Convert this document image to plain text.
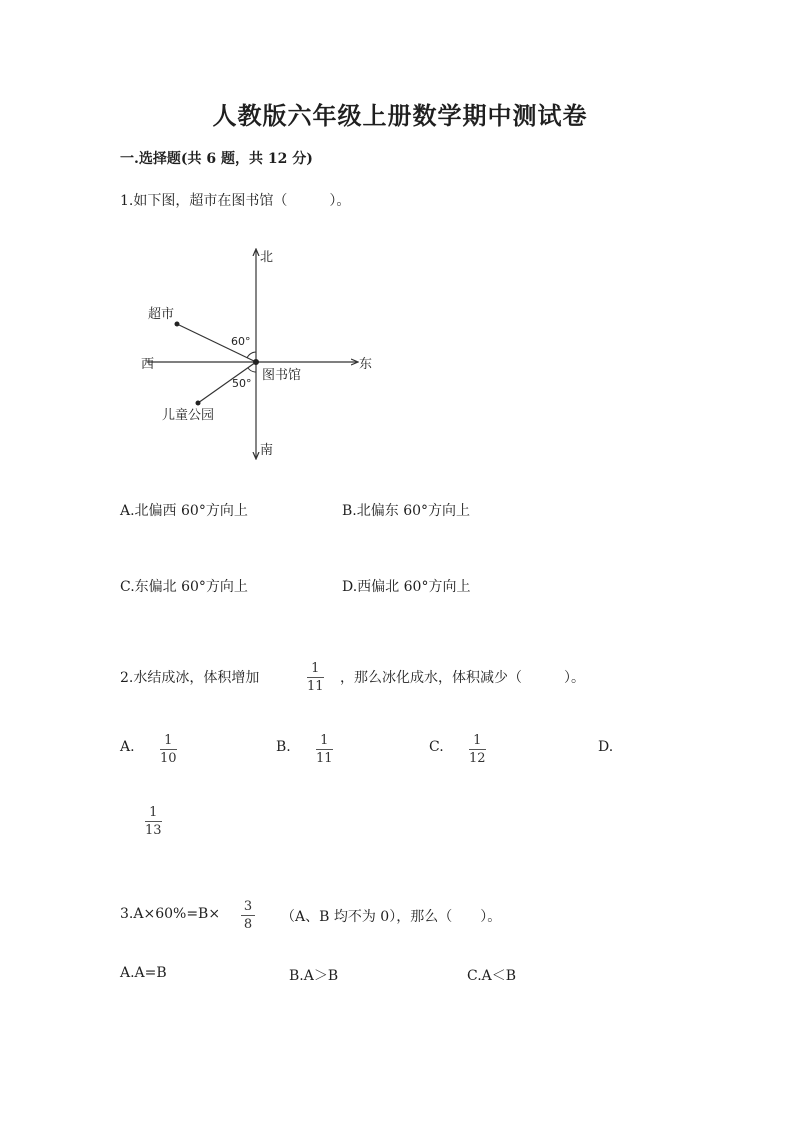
人教版六年级上册数学期中测试卷
一.选择题(共 6 题，共 12 分)
1.如下图，超市在图书馆（　　　）。
北
南
东
西
图书馆
超市
儿童公园
60°
50°
A.北偏西 60°方向上	B.北偏东 60°方向上
C.东偏北 60°方向上	D.西偏北 60°方向上
2.水结成冰，体积增加
1
11
，那么冰化成水，体积减少（　　　）。
A. 1
10
B. 1
11
C. 1
12
D.
1
13
3.A×60%=B× 3
8 （A、B 均不为 0），那么（　　）。
A.A=B	B.A＞B	C.A＜B
